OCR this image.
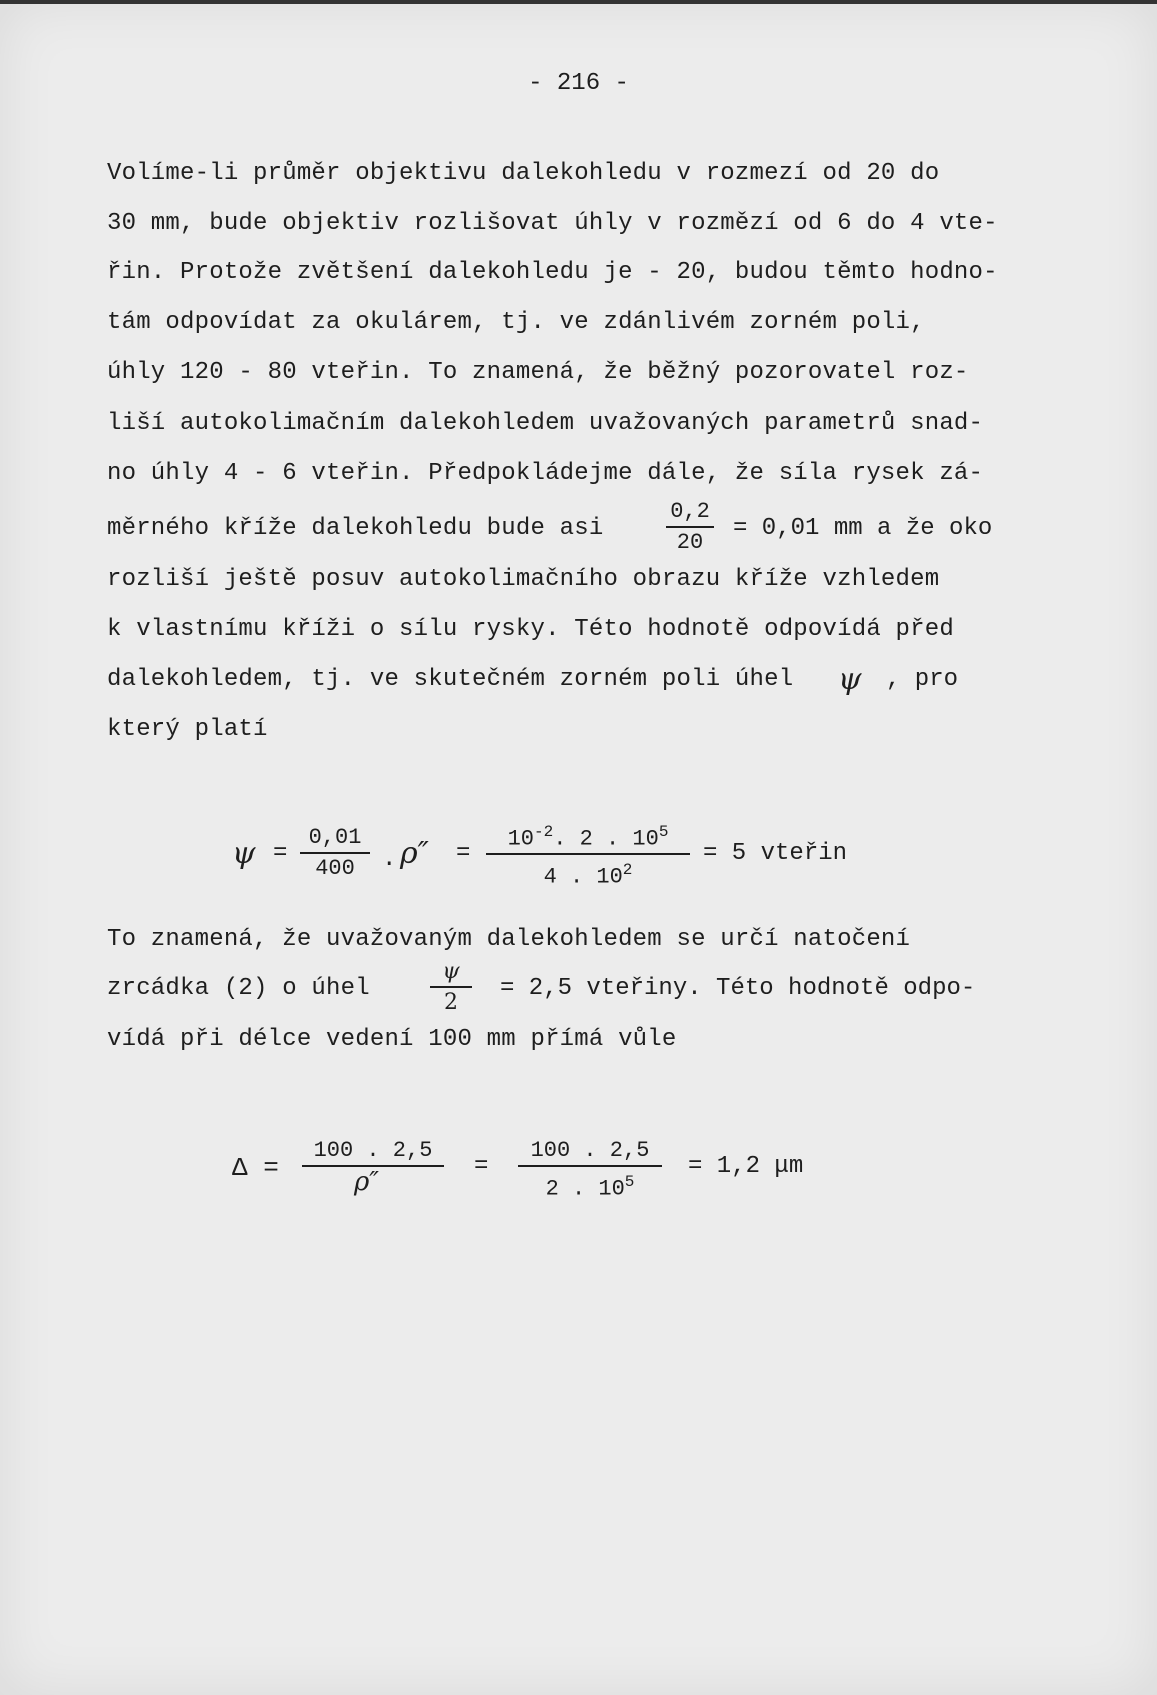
- 216 -
Volíme-li průměr objektivu dalekohledu v rozmezí od 20 do
30 mm, bude objektiv rozlišovat úhly v rozmězí od 6 do 4 vte-
řin. Protože zvětšení dalekohledu je - 20, budou těmto hodno-
tám odpovídat za okulárem, tj. ve zdánlivém zorném poli,
úhly 120 - 80 vteřin. To znamená, že běžný pozorovatel roz-
liší autokolimačním dalekohledem uvažovaných parametrů snad-
no úhly 4 - 6 vteřin. Předpokládejme dále, že síla rysek zá-
měrného kříže dalekohledu bude asi	$\frac{0,2}{20} = 0,01$ mm a že oko
rozliší ještě posuv autokolimačního obrazu kříže vzhledem
k vlastnímu kříži o sílu rysky. Této hodnotě odpovídá před
dalekohledem, tj. ve skutečném zorném poli úhel ψ , pro
který platí
$\psi = \frac{0,01}{400}$ . $\rho'' = \frac{10^{-2}. 2 . 10^5}{4 . 10^2} = 5$ vteřin
To znamená, že uvažovaným dalekohledem se určí natočení
zrcádka (2) o úhel	$\frac{\psi}{2} = 2,5$ vteřiny. Této hodnotě odpo-
vídá při délce vedení 100 mm přímá vůle
Δ =
100 . 2,5
ρ″
= $\frac{100 . 2,5}{2 . 10^5} = 1,2$ μm
